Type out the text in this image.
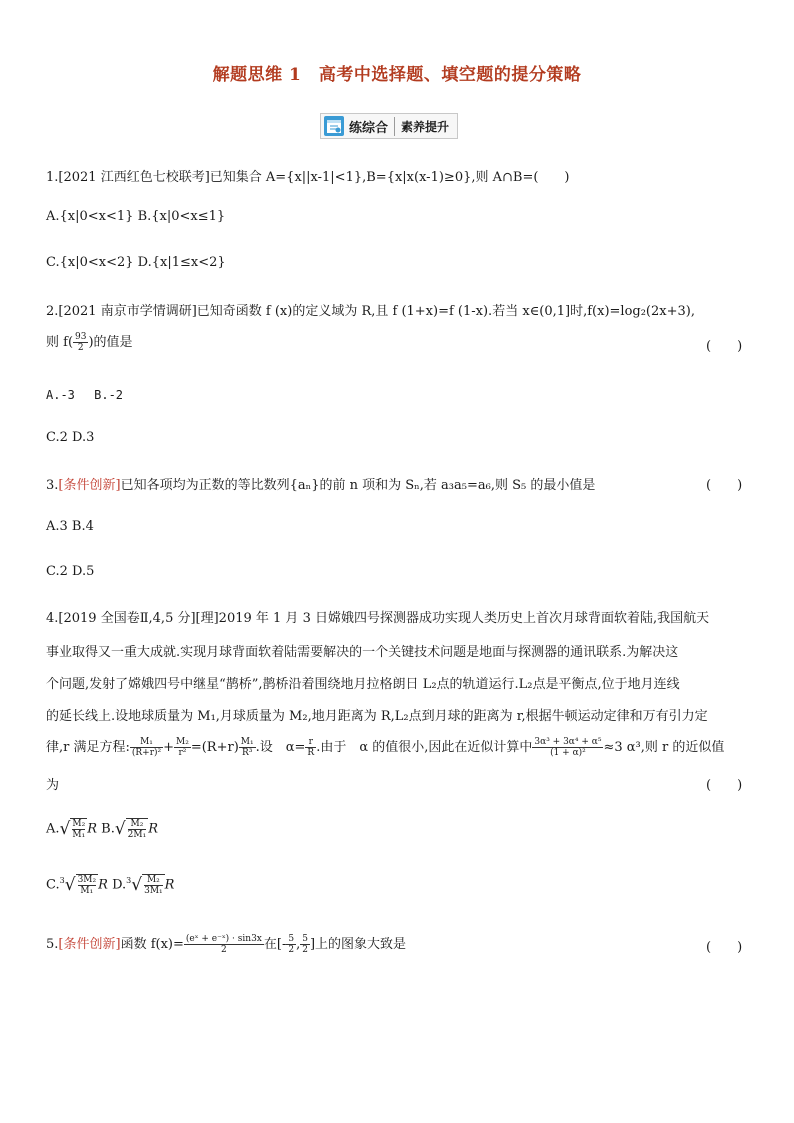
解题思维 1　高考中选择题、填空题的提分策略
练综合	素养提升
1.[2021 江西红色七校联考]已知集合 A={x||x-1|<1},B={x|x(x-1)≥0},则 A∩B=(　　)
A.{x|0<x<1} B.{x|0<x≤1}
C.{x|0<x<2} D.{x|1≤x<2}
2.[2021 南京市学情调研]已知奇函数 f (x)的定义域为 R,且 f (1+x)=f (1-x).若当 x∈(0,1]时,f(x)=log₂(2x+3),
则 $f( \frac{93}{2}$ )的值是	(　　)
A.-3　 B.-2
C.2 D.3
3.[条件创新]已知各项均为正数的等比数列{aₙ}的前 n 项和为 Sₙ,若 a₃a₅=a₆,则 S₅ 的最小值是	(　　)
A.3 B.4
C.2 D.5
4.[2019 全国卷Ⅱ,4,5 分][理]2019 年 1 月 3 日嫦娥四号探测器成功实现人类历史上首次月球背面软着陆,我国航天
事业取得又一重大成就.实现月球背面软着陆需要解决的一个关键技术问题是地面与探测器的通讯联系.为解决这
个问题,发射了嫦娥四号中继星“鹊桥”,鹊桥沿着围绕地月拉格朗日 L₂点的轨道运行.L₂点是平衡点,位于地月连线
的延长线上.设地球质量为 M₁,月球质量为 M₂,地月距离为 R,L₂点到月球的距离为 r,根据牛顿运动定律和万有引力定
律,r 满足方程: $\frac{\text{M₁}}{\text{(R+r)²}} + \frac{\text{M₂}}{\text{r²}} =(R+r) \frac{\text{M₁}}{\text{R³}}$ .设　$\alpha= \frac{r}{R}$ .由于　α 的值很小,因此在近似计算中 $\frac{\text{3α³ + 3α⁴ + α⁵}}{\text{(1 + α)²}} \approx 3$ α³,则 r 的近似值
为	(　　)
$A.√ \frac{\text{M₂}}{\text{M₁}}R$ $B.√ \frac{\text{M₂}}{\text{2M₁}}R$
$C.^3√ \frac{\text{3M₂}}{\text{M₁}}R$ $D.^3√ \frac{\text{M₂}}{\text{3M₁}}R$
5.[条件创新]函数 $f(x)= \frac{\text{(eˣ + e⁻ˣ) · sin3x}}{2}$ 在[- $\frac{5}{2}$ , $\frac{5}{2}$ ]上的图象大致是	(　　)
